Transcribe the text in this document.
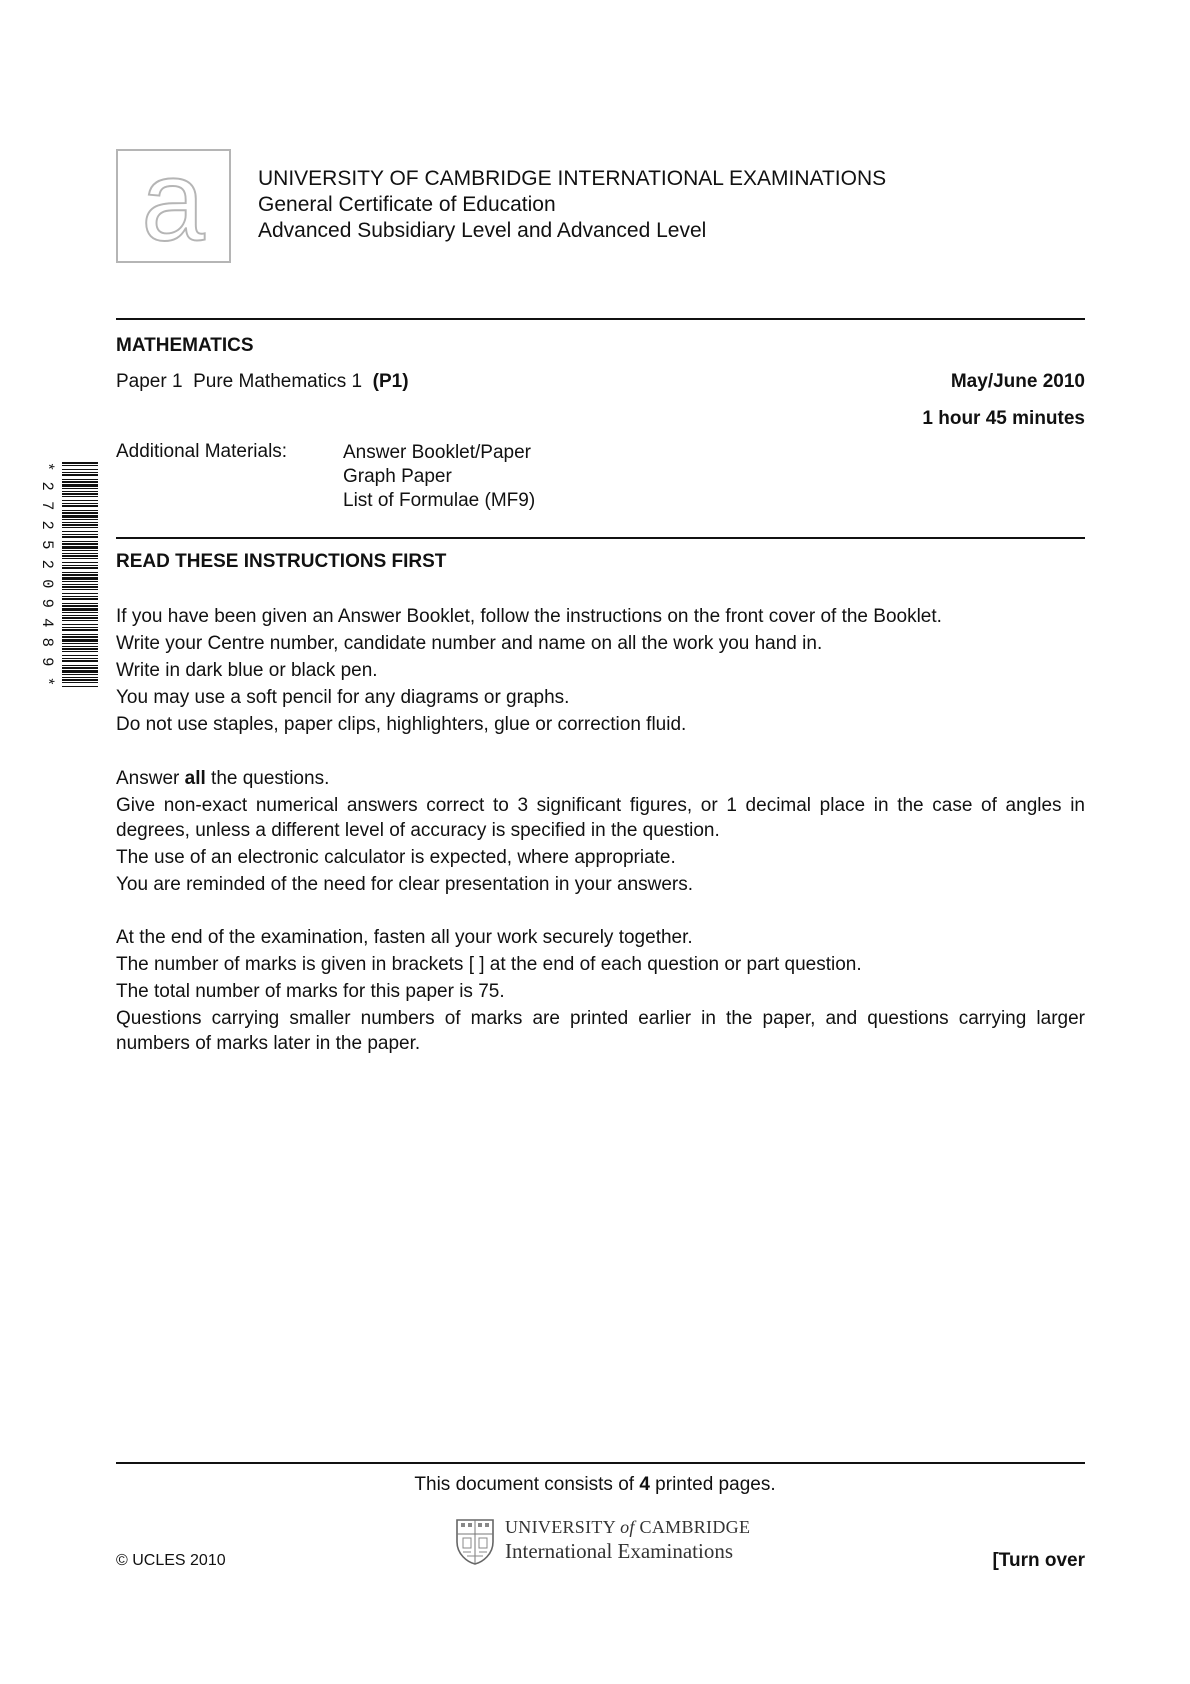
a	UNIVERSITY OF CAMBRIDGE INTERNATIONAL EXAMINATIONS
General Certificate of Education
Advanced Subsidiary Level and Advanced Level
MATHEMATICS
Paper 1  Pure Mathematics 1  (P1)	May/June 2010
1 hour 45 minutes
Additional Materials:	Answer Booklet/Paper
Graph Paper
List of Formulae (MF9)
* 2 7 2 5 2 0 9 4 8 9 *
READ THESE INSTRUCTIONS FIRST

If you have been given an Answer Booklet, follow the instructions on the front cover of the Booklet.

Write your Centre number, candidate number and name on all the work you hand in.

Write in dark blue or black pen.

You may use a soft pencil for any diagrams or graphs.

Do not use staples, paper clips, highlighters, glue or correction fluid.

Answer all the questions.

Give non-exact numerical answers correct to 3 significant figures, or 1 decimal place in the case of angles in degrees, unless a different level of accuracy is specified in the question.

The use of an electronic calculator is expected, where appropriate.

You are reminded of the need for clear presentation in your answers.

At the end of the examination, fasten all your work securely together.

The number of marks is given in brackets [ ] at the end of each question or part question.

The total number of marks for this paper is 75.

Questions carrying smaller numbers of marks are printed earlier in the paper, and questions carrying larger numbers of marks later in the paper.

This document consists of 4 printed pages.
© UCLES 2010	[Turn over
UNIVERSITY of CAMBRIDGE
International Examinations
